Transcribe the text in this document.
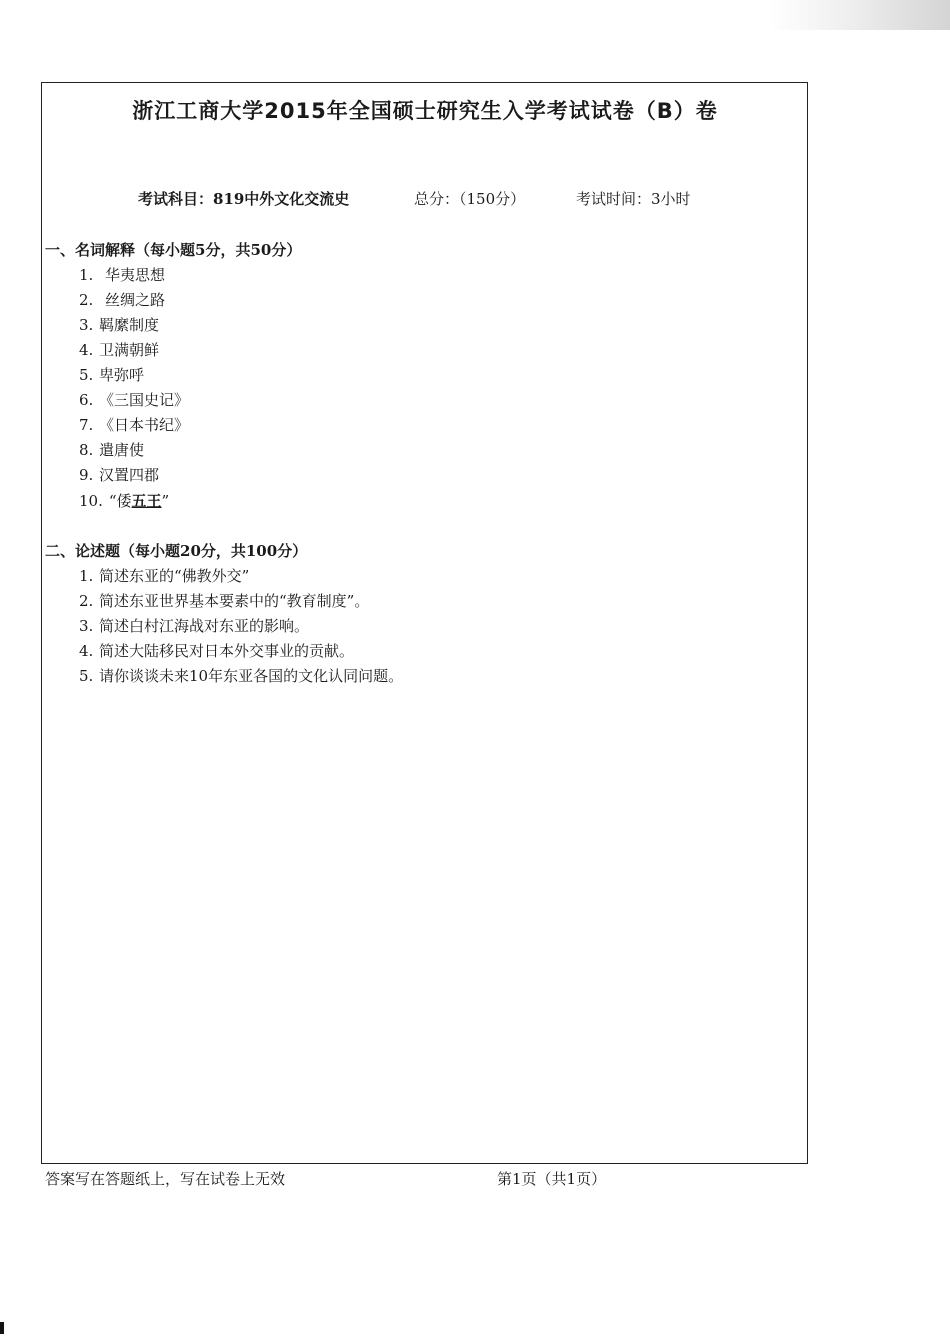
浙江工商大学2015年全国硕士研究生入学考试试卷（B）卷
考试科目：819中外文化交流史	总分：（150分）	考试时间：3小时
一、名词解释（每小题5分，共50分）
1. 华夷思想
2. 丝绸之路
3. 羁縻制度
4. 卫满朝鲜
5. 卑弥呼
6. 《三国史记》
7. 《日本书纪》
8. 遣唐使
9. 汉置四郡
10. “倭五王”
二、论述题（每小题20分，共100分）
1. 简述东亚的“佛教外交”
2. 简述东亚世界基本要素中的“教育制度”。
3. 简述白村江海战对东亚的影响。
4. 简述大陆移民对日本外交事业的贡献。
5. 请你谈谈未来10年东亚各国的文化认同问题。
答案写在答题纸上，写在试卷上无效	第1页（共1页）
